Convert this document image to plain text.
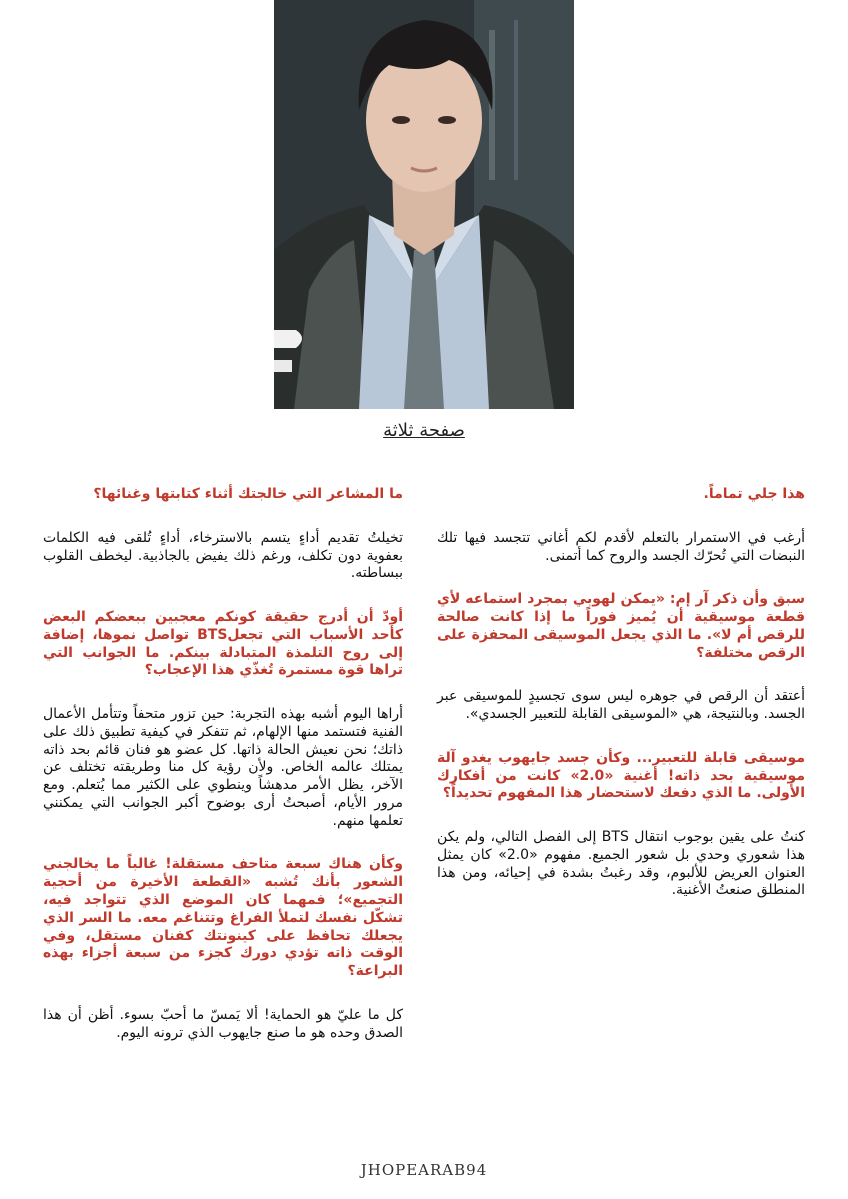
صفحة ثلاثة

هذا جلي تماماً.

أرغب في الاستمرار بالتعلم لأقدم لكم أغاني تتجسد فيها تلك النبضات التي تُحرّك الجسد والروح كما أتمنى.

سبق وأن ذكر آر إم: «يمكن لهوبي بمجرد استماعه لأي قطعة موسيقية أن يُميز فوراً ما إذا كانت صالحة للرقص أم لا». ما الذي يجعل الموسيقى المحفزة على الرقص مختلفة؟

أعتقد أن الرقص في جوهره ليس سوى تجسيدٍ للموسيقى عبر الجسد. وبالنتيجة، هي «الموسيقى القابلة للتعبير الجسدي».

موسيقى قابلة للتعبير... وكأن جسد جايهوب يغدو آلة موسيقية بحد ذاته! أغنية «2.0» كانت من أفكارك الأولى. ما الذي دفعك لاستحضار هذا المفهوم تحديداً؟

كنتُ على يقين بوجوب انتقال BTS إلى الفصل التالي، ولم يكن هذا شعوري وحدي بل شعور الجميع. مفهوم «2.0» كان يمثل العنوان العريض للألبوم، وقد رغبتُ بشدة في إحيائه، ومن هذا المنطلق صنعتُ الأغنية.

ما المشاعر التي خالجتك أثناء كتابتها وغنائها؟

تخيلتُ تقديم أداءٍ يتسم بالاسترخاء، أداءٍ تُلقى فيه الكلمات بعفوية دون تكلف، ورغم ذلك يفيض بالجاذبية. ليخطف القلوب ببساطته.

أودّ أن أدرج حقيقة كونكم معجبين ببعضكم البعض كأحد الأسباب التي تجعلBTS تواصل نموها، إضافة إلى روح التلمذة المتبادلة بينكم. ما الجوانب التي تراها قوة مستمرة تُغذّي هذا الإعجاب؟

أراها اليوم أشبه بهذه التجربة: حين تزور متحفاً وتتأمل الأعمال الفنية فتستمد منها الإلهام، ثم تتفكر في كيفية تطبيق ذلك على ذاتك؛ نحن نعيش الحالة ذاتها. كل عضو هو فنان قائم بحد ذاته يمتلك عالمه الخاص. ولأن رؤية كل منا وطريقته تختلف عن الآخر، يظل الأمر مدهشاً وينطوي على الكثير مما يُتعلم. ومع مرور الأيام، أصبحتُ أرى بوضوح أكبر الجوانب التي يمكنني تعلمها منهم.

وكأن هناك سبعة متاحف مستقلة! غالباً ما يخالجني الشعور بأنك تُشبه «القطعة الأخيرة من أحجية التجميع»؛ فمهما كان الموضع الذي تتواجد فيه، تشكّل نفسك لتملأ الفراغ وتتناغم معه. ما السر الذي يجعلك تحافظ على كينونتك كفنان مستقل، وفي الوقت ذاته تؤدي دورك كجزء من سبعة أجزاء بهذه البراعة؟

كل ما عليّ هو الحماية! ألا يَمسّ ما أحبّ بسوء. أظن أن هذا الصدق وحده هو ما صنع جايهوب الذي ترونه اليوم.

JHOPEARAB94
